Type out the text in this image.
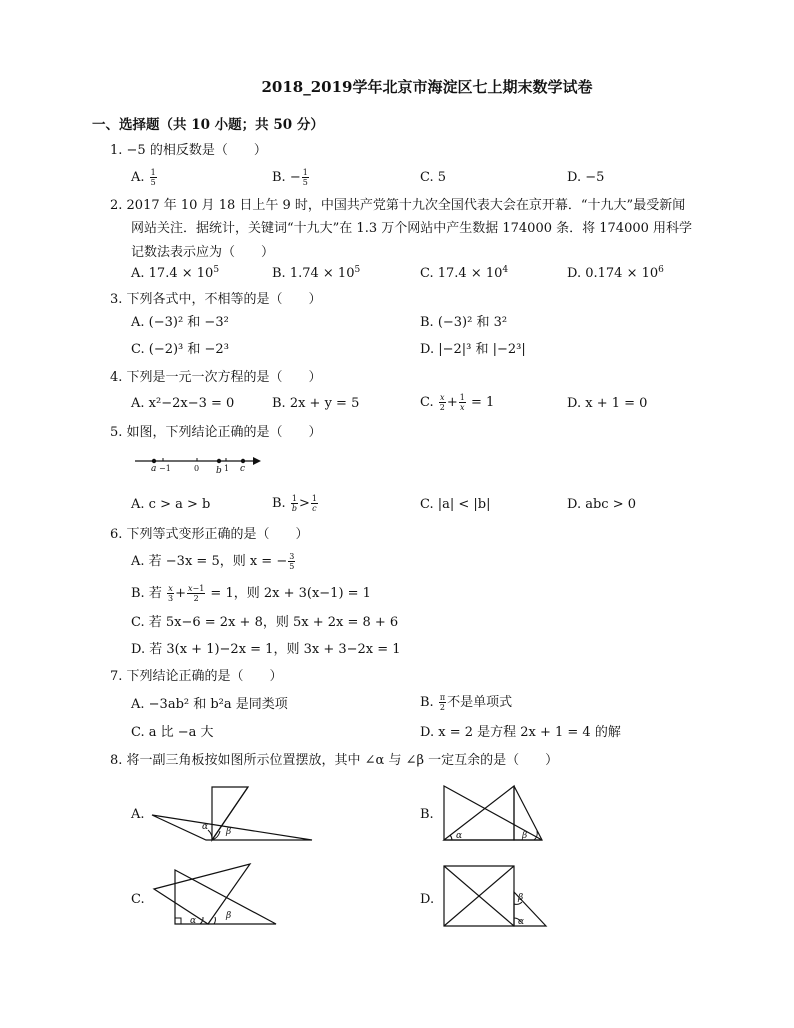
2018_2019学年北京市海淀区七上期末数学试卷
一、选择题（共 10 小题；共 50 分）
1. −5 的相反数是（　　）
A. $\frac{1}{5}$	B. − $\frac{1}{5}$	C. 5	D. −5
2. 2017 年 10 月 18 日上午 9 时，中国共产党第十九次全国代表大会在京开幕．“十九大”最受新闻
网站关注．据统计，关键词“十九大”在 1.3 万个网站中产生数据 174000 条．将 174000 用科学
记数法表示应为（　　）
A. $17.4 \times 10^5$	B. $1.74 \times 10^5$	C. $17.4 \times 10^4$	D. $0.174 \times 10^6$
3. 下列各式中，不相等的是（　　）
A. (−3)² 和 −3²	B. (−3)² 和 3²
C. (−2)³ 和 −2³	D. |−2|³ 和 |−2³|
4. 下列是一元一次方程的是（　　）
A. x²−2x−3 = 0	B. 2x + y = 5	C. $\frac{x}{2} + \frac{1}{x} = 1$	D. x + 1 = 0
5. 如图，下列结论正确的是（　　）
a −1	0 b 1 c
A. c > a > b	B. $\frac{1}{b} > \frac{1}{c}$	C. |a| < |b|	D. abc > 0
6. 下列等式变形正确的是（　　）
A. 若 −3x = 5，则 x = − $\frac{3}{5}$
B. 若 $\frac{x}{3} + \frac{x-1}{2} = 1$，则 2x + 3(x−1) = 1
C. 若 5x−6 = 2x + 8，则 5x + 2x = 8 + 6
D. 若 3(x + 1)−2x = 1，则 3x + 3−2x = 1
7. 下列结论正确的是（　　）
A. −3ab² 和 b²a 是同类项	B. $\frac{\pi}{2}$ 不是单项式
C. a 比 −a 大	D. x = 2 是方程 2x + 1 = 4 的解
8. 将一副三角板按如图所示位置摆放，其中 ∠α 与 ∠β 一定互余的是（　　）
A.
α β
B.
α	β
C.
α	β
D.	β
α
